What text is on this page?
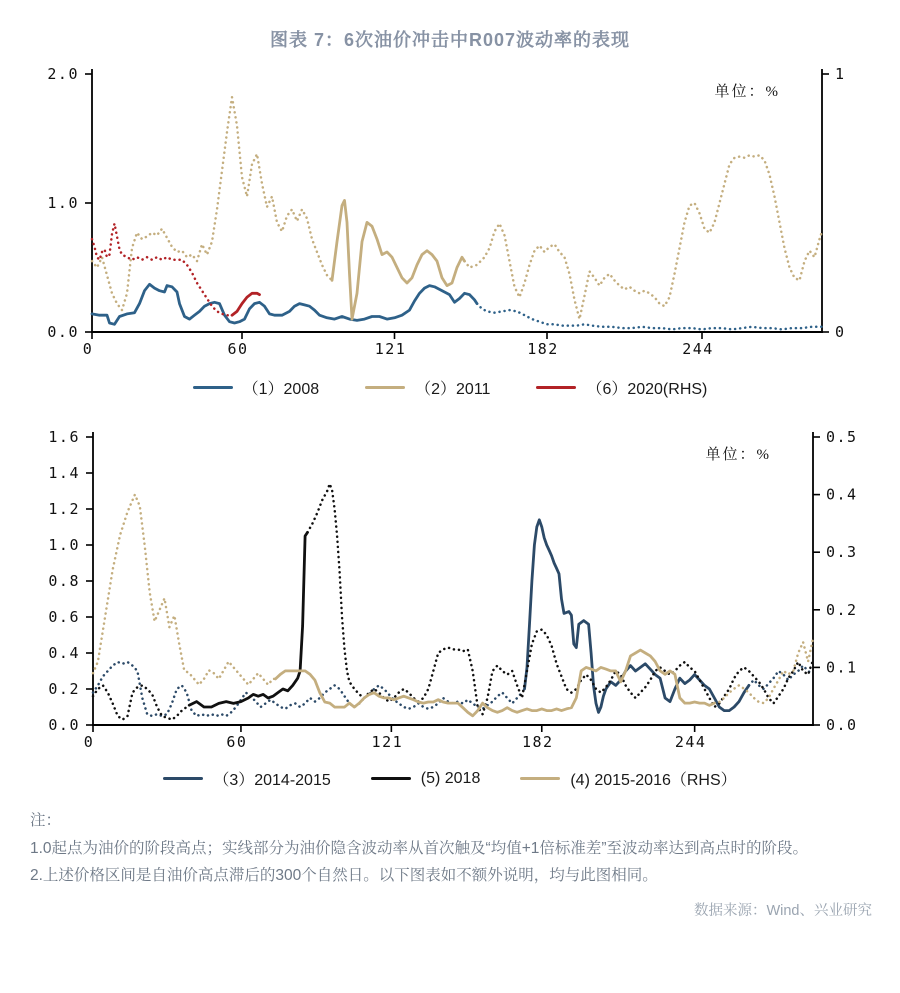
图表 7：6次油价冲击中R007波动率的表现
0.0
1.0
2.0
0
1
0	60	121	182	244
单位：%
（1）2008	（2）2011	（6）2020(RHS)
0.0
0.2
0.4
0.6
0.8
1.0
1.2
1.4
1.6
0.0
0.1
0.2
0.3
0.4
0.5
0	60	121	182	244
单位：%
（3）2014-2015	(5) 2018	(4) 2015-2016（RHS）

注：

1.0起点为油价的阶段高点；实线部分为油价隐含波动率从首次触及“均值+1倍标准差”至波动率达到高点时的阶段。

2.上述价格区间是自油价高点滞后的300个自然日。以下图表如不额外说明，均与此图相同。

数据来源：Wind、兴业研究
